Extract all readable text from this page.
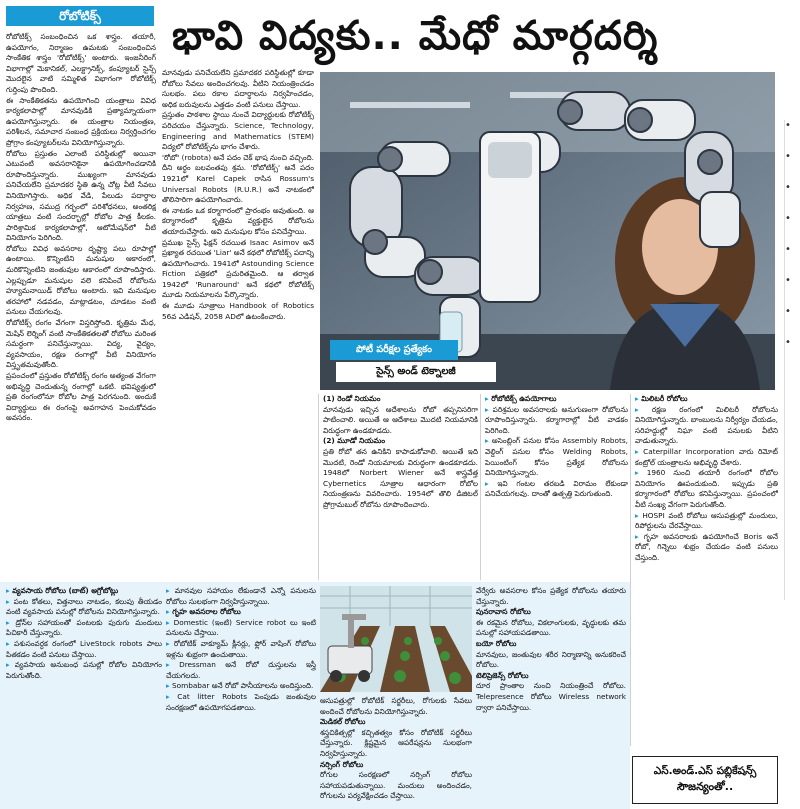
రోబోటిక్స్	భావి విద్యకు.. మేధో మార్గదర్శి

రోబోటిక్స్ సంబంధించిన ఒక శాస్త్రం. తయారీ, ఉపయోగం, నిర్మాణం ఉమటకు సంబంధించిన సాంకేతిక శాస్త్రం 'రోబోటిక్స్' అంటారు. ఇంజనీరింగ్ విభాగాల్లో మెకానికల్, ఎలక్ట్రానిక్స్, కంప్యూటర్ సైన్స్ మొదలైన వాటి సమ్మిళిత విభాగంగా రోబోటిక్స్ గుర్తింపు పొందింది.

ఈ సాంకేతికతను ఉపయోగించి యంత్రాలు వివిధ కార్యకలాపాల్లో మానవుడికి ప్రత్యామ్నాయంగా ఉపయోగిస్తున్నారు. ఈ యంత్రాల నియంత్రణ, పరిశీలన, సమాచార సంబంధ ప్రక్రియలు నిర్వర్తించగల ప్రోగ్రాం కంప్యూటర్‌లను వినియోగిస్తున్నారు.

రోబోలు ప్రస్తుతం ఎలాంటి పరిస్థితుల్లో అయినా ఎటువంటి అవసరానికైనా ఉపయోగించడానికి రూపొందిస్తున్నారు. ముఖ్యంగా మానవుడు పనిచేయలేని ప్రమాదకర స్థితి ఉన్న చోట్ల వీటి సేవలు వినియోగిస్తారు. అధిక వేడి, పేలుడు పదార్థాల నిర్వహణ, సముద్ర గర్భంలో పరిశోధనలు, అంతరిక్ష యాత్రలు వంటి సందర్భాల్లో రోబోల పాత్ర కీలకం. పారిశ్రామిక కార్యకలాపాల్లో, ఆటోమేషన్‌లో వీటి వినియోగం పెరిగింది.

రోబోలు వివిధ అవసరాల దృష్ట్యా పలు రూపాల్లో ఉంటాయి. కొన్నింటిని మనుషుల ఆకారంలో, మరికొన్నింటిని జంతువుల ఆకారంలో రూపొందిస్తారు. ఎల్లప్పుడూ మనుషుల వలె కనిపించే రోబోలను హ్యూమనాయిడ్ రోబోలు అంటారు. ఇవి మనుషుల తరహాలో నడవడం, మాట్లాడటం, చూడటం వంటి పనులు చేయగలవు.

రోబోటిక్స్ రంగం వేగంగా విస్తరిస్తోంది. కృత్రిమ మేధ, మెషిన్ లెర్నింగ్ వంటి సాంకేతికతలతో రోబోలు మరింత సమర్థంగా పనిచేస్తున్నాయి. విద్య, వైద్యం, వ్యవసాయం, రక్షణ రంగాల్లో వీటి వినియోగం విస్తృతమవుతోంది.

ప్రపంచంలో ప్రస్తుతం రోబోటిక్స్ రంగం అత్యంత వేగంగా అభివృద్ధి చెందుతున్న రంగాల్లో ఒకటి. భవిష్యత్తులో ప్రతి రంగంలోనూ రోబోల పాత్ర పెరగనుంది. అందుకే విద్యార్థులు ఈ రంగంపై అవగాహన పెంచుకోవడం అవసరం.

మానవుడు పనిచేయలేని ప్రమాదకర పరిస్థితుల్లో కూడా రోబోలు సేవలు అందించగలవు. వీటిని నియంత్రించడం సులభం. పలు రకాల పదార్థాలను నిర్వహించడం, అధిక బరువులను ఎత్తడం వంటి పనులు చేస్తాయి.

ప్రస్తుతం పాఠశాల స్థాయి నుంచే విద్యార్థులకు రోబోటిక్స్ పరిచయం చేస్తున్నారు. Science, Technology, Engineering and Mathematics (STEM) విద్యలో రోబోటిక్స్‌ను భాగం చేశారు.

'రోబో' (robota) అనే పదం చెక్ భాష నుంచి వచ్చింది. దీని అర్థం బలవంతపు శ్రమ. 'రోబోటిక్స్' అనే పదం 1921లో Karel Capek రాసిన Rossum's Universal Robots (R.U.R.) అనే నాటకంలో తొలిసారిగా ఉపయోగించారు.

ఈ నాటకం ఒక కర్మాగారంలో ప్రారంభం అవుతుంది. ఆ కర్మాగారంలో కృత్రిమ వ్యక్తులైన రోబోలను తయారుచేస్తారు. అవి మనుషుల కోసం పనిచేస్తాయి.

ప్రముఖ సైన్స్ ఫిక్షన్ రచయిత Isaac Asimov అనే ప్రఖ్యాత రచయిత 'Liar' అనే కథలో రోబోటిక్స్ పదాన్ని ఉపయోగించారు. 1941లో Astounding Science Fiction పత్రికలో ప్రచురితమైంది. ఆ తర్వాత 1942లో 'Runaround' అనే కథలో రోబోటిక్స్ మూడు నియమాలను పేర్కొన్నారు.

ఈ మూడు సూత్రాలు Handbook of Robotics 56వ ఎడిషన్, 2058 ADలో ఉటంకించారు.

పోటీ పరీక్షల ప్రత్యేకం
సైన్స్ అండ్ టెక్నాలజీ

(1) రెండో నియమం

మానవుడు ఇచ్చిన ఆదేశాలను రోబో తప్పనిసరిగా పాటించాలి. అయితే ఆ ఆదేశాలు మొదటి నియమానికి విరుద్ధంగా ఉండకూడదు.

(2) మూడో నియమం

ప్రతి రోబో తన ఉనికిని కాపాడుకోవాలి. అయితే ఇది మొదటి, రెండో నియమాలకు విరుద్ధంగా ఉండకూడదు. 1948లో Norbert Wiener అనే శాస్త్రవేత్త Cybernetics సూత్రాల ఆధారంగా రోబోల నియంత్రణను వివరించారు. 1954లో తొలి డిజిటల్ ప్రోగ్రామబుల్ రోబోను రూపొందించారు.

▸ రోబోటిక్స్ ఉపయోగాలు

▸ పరిశ్రమల అవసరాలకు అనుగుణంగా రోబోలను రూపొందిస్తున్నారు. కర్మాగారాల్లో వీటి వాడకం పెరిగింది.

▸ అసెంబ్లింగ్ పనుల కోసం Assembly Robots, వెల్డింగ్ పనుల కోసం Welding Robots, పెయింటింగ్ కోసం ప్రత్యేక రోబోలను వినియోగిస్తున్నారు.

▸ ఇవి గంటల తరబడి విరామం లేకుండా పనిచేయగలవు. దాంతో ఉత్పత్తి పెరుగుతుంది.

▸ మిలిటరీ రోబోలు

▸ రక్షణ రంగంలో మిలిటరీ రోబోలను వినియోగిస్తున్నారు. బాంబులను నిర్వీర్యం చేయడం, సరిహద్దుల్లో నిఘా వంటి పనులకు వీటిని వాడుతున్నారు.

▸ Caterpillar Incorporation వారు రిమోట్ కంట్రోల్ యంత్రాలను అభివృద్ధి చేశారు.

▸ 1960 నుంచి తయారీ రంగంలో రోబోల వినియోగం ఊపందుకుంది. ఇప్పుడు ప్రతి కర్మాగారంలో రోబోలు కనిపిస్తున్నాయి. ప్రపంచంలో వీటి సంఖ్య వేగంగా పెరుగుతోంది.

▸ HOSPI వంటి రోబోలు ఆసుపత్రుల్లో మందులు, రిపోర్టులను చేరవేస్తాయి.

▸ గృహ అవసరాలకు ఉపయోగించే Boris అనే రోబో, గిన్నెలు శుభ్రం చేయడం వంటి పనులు చేస్తుంది.

▸ వ్యవసాయ రోబోలు (బాట్) అగ్రోబోట్లు

▸ పంట కోతలు, విత్తనాలు నాటడం, కలుపు తీయడం వంటి వ్యవసాయ పనుల్లో రోబోలను వినియోగిస్తున్నారు.

▸ డ్రోన్‌ల సహాయంతో పంటలకు పురుగు మందులు పిచికారీ చేస్తున్నారు.

▸ పశుసంవర్ధక రంగంలో LiveStock robots పాలు పితకడం వంటి పనులు చేస్తాయి.

▸ వ్యవసాయ అనుబంధ పనుల్లో రోబోల వినియోగం పెరుగుతోంది.

▸ మానవుల సహాయం లేకుండానే ఎన్నో పనులను రోబోలు సులభంగా నిర్వహిస్తున్నాయి.

▸ గృహ అవసరాల రోబోలు

▸ Domestic (ఇంటి) Service robot లు ఇంటి పనులను చేస్తాయి.

▸ రోబోటిక్ వాక్యూమ్ క్లీనర్లు, ఫ్లోర్ వాషింగ్ రోబోలు ఇళ్లను శుభ్రంగా ఉంచుతాయి.

▸ Dressman అనే రోబో దుస్తులను ఇస్త్రీ చేయగలదు.

▸ Sombabar అనే రోబో పానీయాలను అందిస్తుంది.

▸ Cat litter Robots పెంపుడు జంతువుల సంరక్షణలో ఉపయోగపడతాయి.

ఆసుపత్రుల్లో రోబోటిక్ సర్జరీలు, రోగులకు సేవలు అందించే రోబోలను వినియోగిస్తున్నారు.

మెడికల్ రోబోలు

శస్త్రచికిత్సల్లో కచ్చితత్వం కోసం రోబోటిక్ సర్జరీలు చేస్తున్నారు. క్లిష్టమైన ఆపరేషన్లను సులభంగా నిర్వహిస్తున్నారు.

నర్సింగ్ రోబోలు

రోగుల సంరక్షణలో నర్సింగ్ రోబోలు సహాయపడుతున్నాయి. మందులు అందించడం, రోగులను పర్యవేక్షించడం చేస్తాయి.

వేర్వేరు అవసరాల కోసం ప్రత్యేక రోబోలను తయారు చేస్తున్నారు.

పునరావాస రోబోలు

ఈ రకమైన రోబోలు, వికలాంగులకు, వృద్ధులకు తమ పనుల్లో సహాయపడతాయి.

బయో రోబోలు

మానవులు, జంతువుల శరీర నిర్మాణాన్ని అనుకరించే రోబోలు.

టెలిప్రెజెన్స్ రోబోలు

దూర ప్రాంతాల నుంచి నియంత్రించే రోబోలు. Telepresence రోబోలు Wireless network ద్వారా పనిచేస్తాయి.

ఎస్.అండ్.ఎస్ పబ్లికేషన్స్
సౌజన్యంతో..
•
•
•
•
•
•
•
•
